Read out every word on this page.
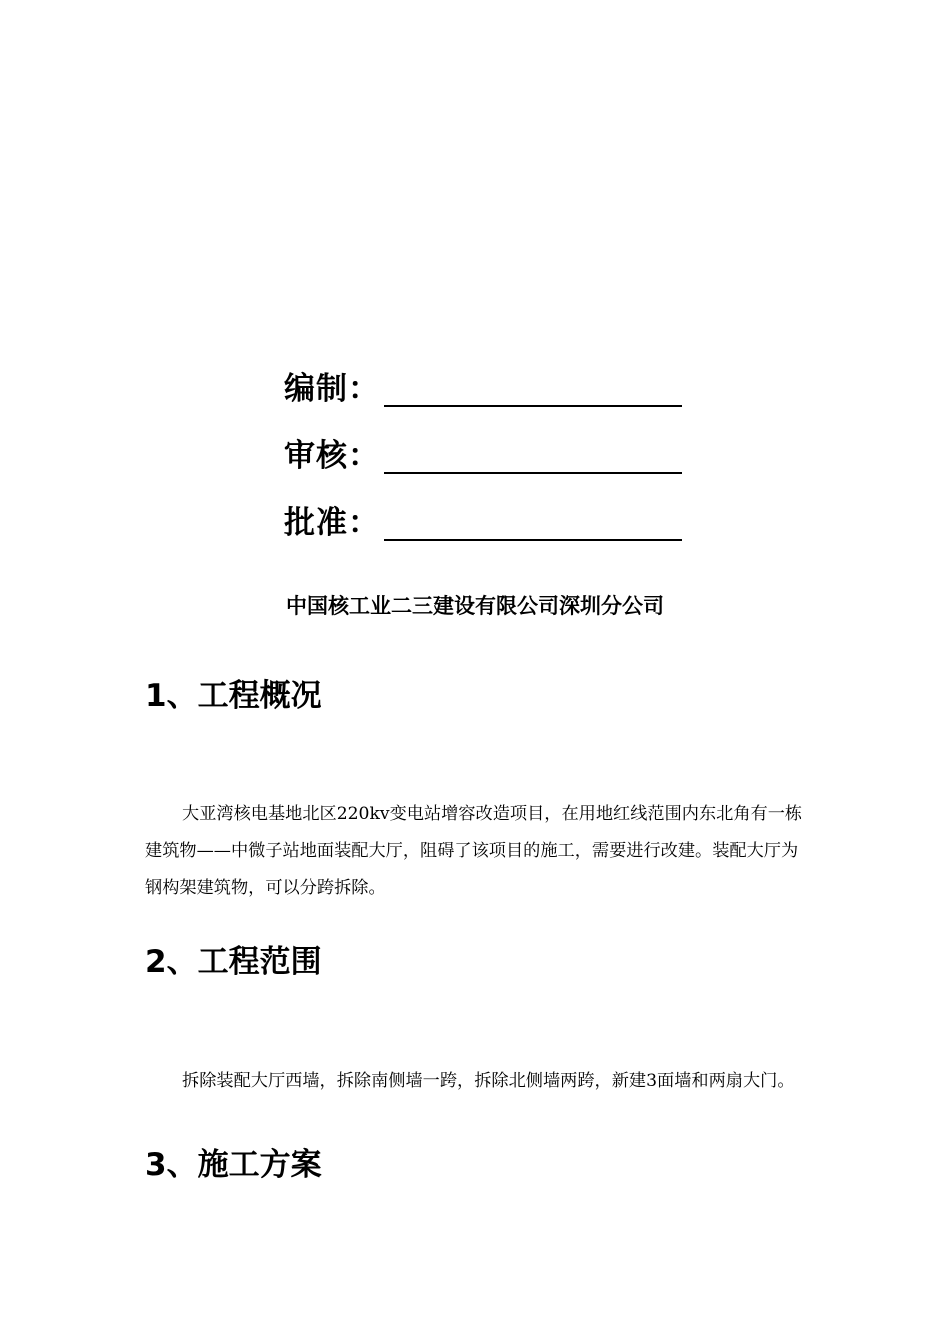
编制：
审核：
批准：
中国核工业二三建设有限公司深圳分公司
1、工程概况

大亚湾核电基地北区220kv变电站增容改造项目，在用地红线范围内东北角有一栋建筑物——中微子站地面装配大厅，阻碍了该项目的施工，需要进行改建。装配大厅为钢构架建筑物，可以分跨拆除。

2、工程范围

拆除装配大厅西墙，拆除南侧墙一跨，拆除北侧墙两跨，新建3面墙和两扇大门。

3、施工方案
